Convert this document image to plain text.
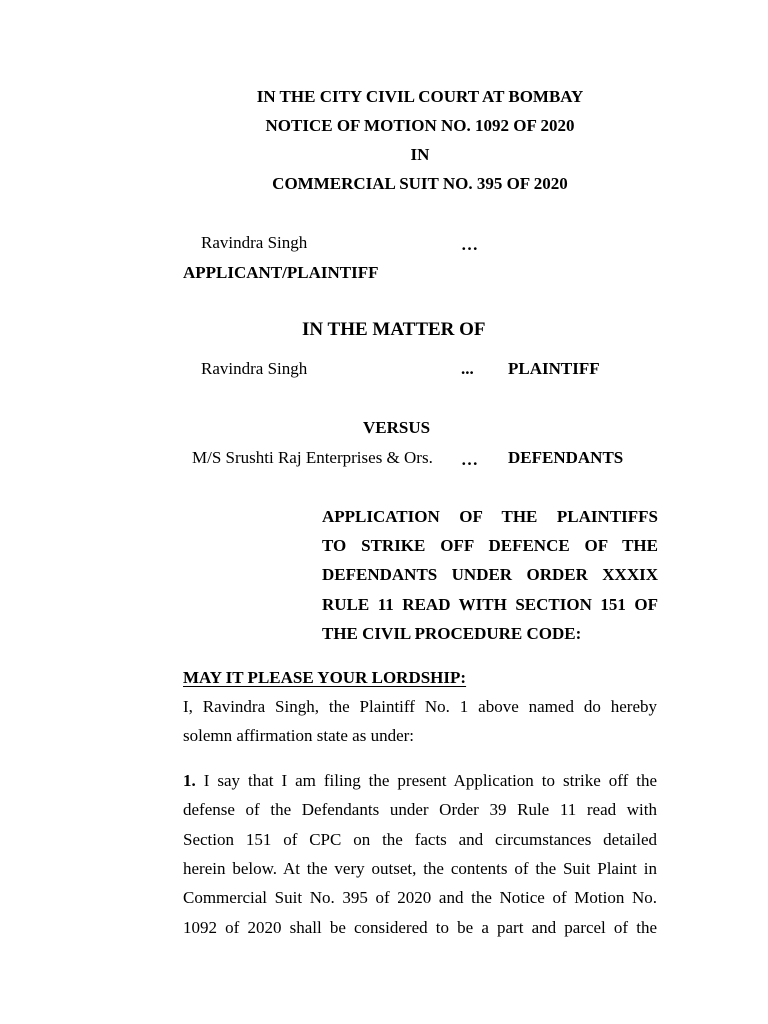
IN THE CITY CIVIL COURT AT BOMBAY
NOTICE OF MOTION NO. 1092 OF 2020
IN
COMMERCIAL SUIT NO. 395 OF 2020
Ravindra Singh	…
APPLICANT/PLAINTIFF
IN THE MATTER OF
Ravindra Singh	... PLAINTIFF
VERSUS
M/S Srushti Raj Enterprises & Ors. … DEFENDANTS
APPLICATION OF THE PLAINTIFFS
TO STRIKE OFF DEFENCE OF THE
DEFENDANTS UNDER ORDER XXXIX
RULE 11 READ WITH SECTION 151 OF
THE CIVIL PROCEDURE CODE:
MAY IT PLEASE YOUR LORDSHIP:
I, Ravindra Singh, the Plaintiff No. 1 above named do hereby
solemn affirmation state as under:
1. I say that I am filing the present Application to strike off the
defense of the Defendants under Order 39 Rule 11 read with
Section 151 of CPC on the facts and circumstances detailed
herein below. At the very outset, the contents of the Suit Plaint in
Commercial Suit No. 395 of 2020 and the Notice of Motion No.
1092 of 2020 shall be considered to be a part and parcel of the
